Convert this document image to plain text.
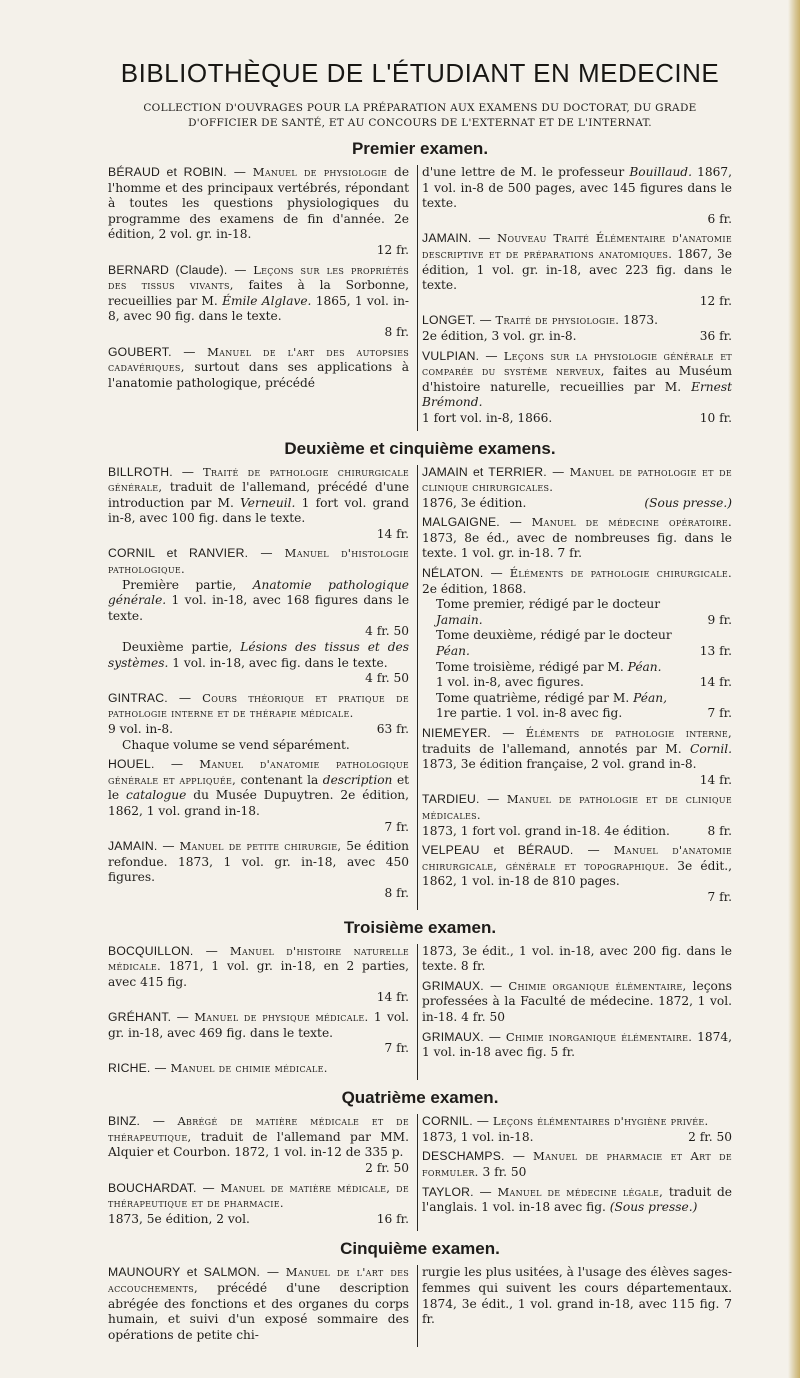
BIBLIOTHÈQUE DE L'ÉTUDIANT EN MEDECINE
COLLECTION D'OUVRAGES POUR LA PRÉPARATION AUX EXAMENS DU DOCTORAT, DU GRADE
D'OFFICIER DE SANTÉ, ET AU CONCOURS DE L'EXTERNAT ET DE L'INTERNAT.
Premier examen.
BÉRAUD et ROBIN. — Manuel de physiologie de l'homme et des principaux vertébrés, répondant à toutes les questions physiologiques du programme des examens de fin d'année. 2e édition, 2 vol. gr. in-18.
12 fr.
BERNARD (Claude). — Leçons sur les propriétés des tissus vivants, faites à la Sorbonne, recueillies par M. Émile Alglave. 1865, 1 vol. in-8, avec 90 fig. dans le texte.
8 fr.
GOUBERT. — Manuel de l'art des autopsies cadavériques, surtout dans ses applications à l'anatomie pathologique, précédé
d'une lettre de M. le professeur Bouillaud. 1867, 1 vol. in-8 de 500 pages, avec 145 figures dans le texte.
6 fr.
JAMAIN. — Nouveau Traité Élémentaire d'anatomie descriptive et de préparations anatomiques. 1867, 3e édition, 1 vol. gr. in-18, avec 223 fig. dans le texte.
12 fr.
LONGET. — Traité de physiologie. 1873.
2e édition, 3 vol. gr. in-8.	36 fr.
VULPIAN. — Leçons sur la physiologie générale et comparée du système nerveux, faites au Muséum d'histoire naturelle, recueillies par M. Ernest Brémond.
1 fort vol. in-8, 1866.	10 fr.
Deuxième et cinquième examens.
BILLROTH. — Traité de pathologie chirurgicale générale, traduit de l'allemand, précédé d'une introduction par M. Verneuil. 1 fort vol. grand in-8, avec 100 fig. dans le texte.
14 fr.
CORNIL et RANVIER. — Manuel d'histologie pathologique.
Première partie, Anatomie pathologique générale. 1 vol. in-18, avec 168 figures dans le texte.
4 fr. 50
Deuxième partie, Lésions des tissus et des systèmes. 1 vol. in-18, avec fig. dans le texte.
4 fr. 50
GINTRAC. — Cours théorique et pratique de pathologie interne et de thérapie médicale.
9 vol. in-8.	63 fr.
Chaque volume se vend séparément.
HOUEL. — Manuel d'anatomie pathologique générale et appliquée, contenant la description et le catalogue du Musée Dupuytren. 2e édition, 1862, 1 vol. grand in-18.
7 fr.
JAMAIN. — Manuel de petite chirurgie, 5e édition refondue. 1873, 1 vol. gr. in-18, avec 450 figures.
8 fr.
JAMAIN et TERRIER. — Manuel de pathologie et de clinique chirurgicales.
1876, 3e édition.	(Sous presse.)
MALGAIGNE. — Manuel de médecine opératoire. 1873, 8e éd., avec de nombreuses fig. dans le texte. 1 vol. gr. in-18. 7 fr.
NÉLATON. — Éléments de pathologie chirurgicale. 2e édition, 1868.
Tome premier, rédigé par le docteur
Jamain.	9 fr.
Tome deuxième, rédigé par le docteur
Péan.	13 fr.
Tome troisième, rédigé par M. Péan.
1 vol. in-8, avec figures.	14 fr.
Tome quatrième, rédigé par M. Péan,
1re partie. 1 vol. in-8 avec fig.	7 fr.
NIEMEYER. — Éléments de pathologie interne, traduits de l'allemand, annotés par M. Cornil. 1873, 3e édition française, 2 vol. grand in-8.
14 fr.
TARDIEU. — Manuel de pathologie et de clinique médicales.
1873, 1 fort vol. grand in-18. 4e édition.	8 fr.
VELPEAU et BÉRAUD. — Manuel d'anatomie chirurgicale, générale et topographique. 3e édit., 1862, 1 vol. in-18 de 810 pages.
7 fr.
Troisième examen.
BOCQUILLON. — Manuel d'histoire naturelle médicale. 1871, 1 vol. gr. in-18, en 2 parties, avec 415 fig.
14 fr.
GRÉHANT. — Manuel de physique médicale. 1 vol. gr. in-18, avec 469 fig. dans le texte.
7 fr.
RICHE. — Manuel de chimie médicale.
1873, 3e édit., 1 vol. in-18, avec 200 fig. dans le texte. 8 fr.
GRIMAUX. — Chimie organique élémentaire, leçons professées à la Faculté de médecine. 1872, 1 vol. in-18. 4 fr. 50
GRIMAUX. — Chimie inorganique élémentaire. 1874, 1 vol. in-18 avec fig. 5 fr.
Quatrième examen.
BINZ. — Abrégé de matière médicale et de thérapeutique, traduit de l'allemand par MM. Alquier et Courbon. 1872, 1 vol. in-12 de 335 p.
2 fr. 50
BOUCHARDAT. — Manuel de matière médicale, de thérapeutique et de pharmacie.
1873, 5e édition, 2 vol.	16 fr.
CORNIL. — Leçons élémentaires d'hygiène privée.
1873, 1 vol. in-18.	2 fr. 50
DESCHAMPS. — Manuel de pharmacie et Art de formuler. 3 fr. 50
TAYLOR. — Manuel de médecine légale, traduit de l'anglais. 1 vol. in-18 avec fig. (Sous presse.)
Cinquième examen.
MAUNOURY et SALMON. — Manuel de l'art des accouchements, précédé d'une description abrégée des fonctions et des organes du corps humain, et suivi d'un exposé sommaire des opérations de petite chi-
rurgie les plus usitées, à l'usage des élèves sages-femmes qui suivent les cours départementaux. 1874, 3e édit., 1 vol. grand in-18, avec 115 fig. 7 fr.
